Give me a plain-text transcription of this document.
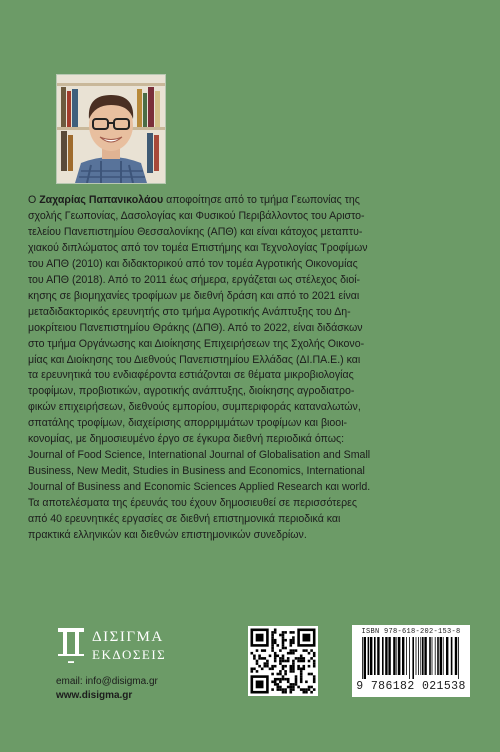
Ο Ζαχαρίας Παπανικολάου αποφοίτησε από το τμήμα Γεωπονίας της
σχολής Γεωπονίας, Δασολογίας και Φυσικού Περιβάλλοντος του Αριστο-
τελείου Πανεπιστημίου Θεσσαλονίκης (ΑΠΘ) και είναι κάτοχος μεταπτυ-
χιακού διπλώματος από τον τομέα Επιστήμης και Τεχνολογίας Τροφίμων
του ΑΠΘ (2010) και διδακτορικού από τον τομέα Αγροτικής Οικονομίας
του ΑΠΘ (2018). Από το 2011 έως σήμερα, εργάζεται ως στέλεχος διοί-
κησης σε βιομηχανίες τροφίμων με διεθνή δράση και από το 2021 είναι
μεταδιδακτορικός ερευνητής στο τμήμα Αγροτικής Ανάπτυξης του Δη-
μοκρίτειου Πανεπιστημίου Θράκης (ΔΠΘ). Από το 2022, είναι διδάσκων
στο τμήμα Οργάνωσης και Διοίκησης Επιχειρήσεων της Σχολής Οικονο-
μίας και Διοίκησης του Διεθνούς Πανεπιστημίου Ελλάδας (ΔΙ.ΠΑ.Ε.) και
τα ερευνητικά του ενδιαφέροντα εστιάζονται σε θέματα μικροβιολογίας
τροφίμων, προβιοτικών, αγροτικής ανάπτυξης, διοίκησης αγροδιατρο-
φικών επιχειρήσεων, διεθνούς εμπορίου, συμπεριφοράς καταναλωτών,
σπατάλης τροφίμων, διαχείρισης απορριμμάτων τροφίμων και βιοοι-
κονομίας, με δημοσιευμένο έργο σε έγκυρα διεθνή περιοδικά όπως:
Journal of Food Science, International Journal of Globalisation and Small
Business, New Medit, Studies in Business and Economics, International
Journal of Business and Economic Sciences Applied Research και world.
Τα αποτελέσματα της έρευνάς του έχουν δημοσιευθεί σε περισσότερες
από 40 ερευνητικές εργασίες σε διεθνή επιστημονικά περιοδικά και
πρακτικά ελληνικών και διεθνών επιστημονικών συνεδρίων.
▬
ΔΙΣΙΓΜΑ
ΕΚΔΟΣΕΙΣ
email: info@disigma.gr
www.disigma.gr
ISBN 978-618-202-153-8
9 786182 021538
